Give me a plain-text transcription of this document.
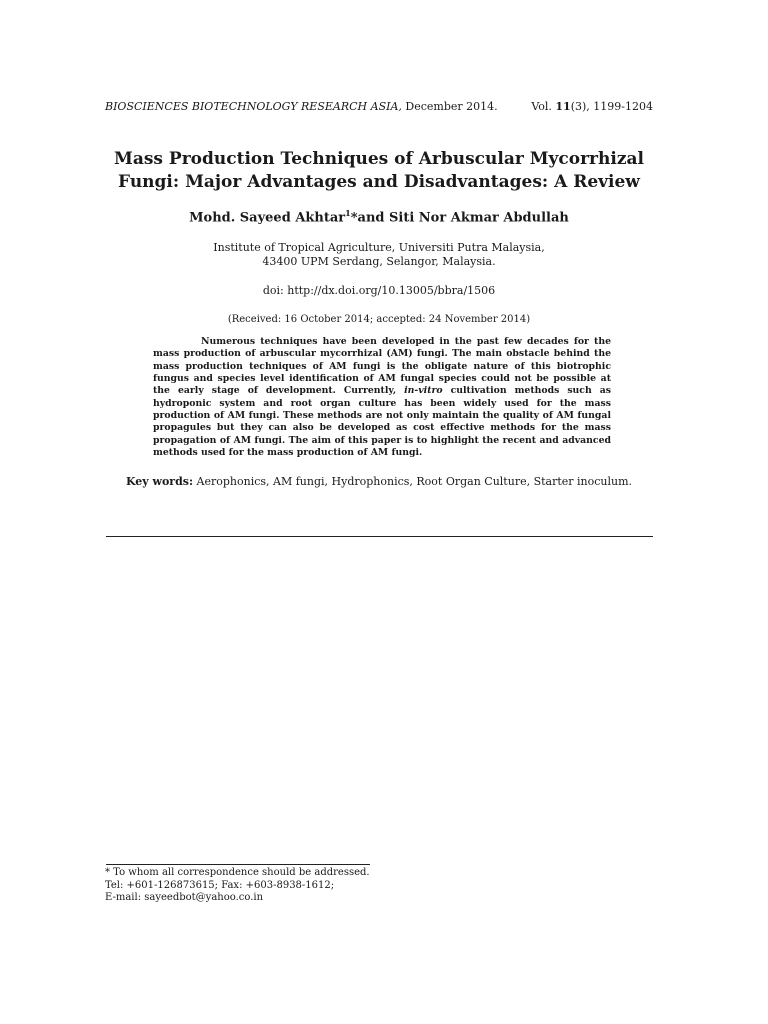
BIOSCIENCES BIOTECHNOLOGY RESEARCH ASIA, December 2014.	Vol. 11(3), 1199-1204
Mass Production Techniques of Arbuscular Mycorrhizal
Fungi: Major Advantages and Disadvantages: A Review
Mohd. Sayeed Akhtar$^1$*and Siti Nor Akmar Abdullah
Institute of Tropical Agriculture, Universiti Putra Malaysia,
43400 UPM Serdang, Selangor, Malaysia.
doi: http://dx.doi.org/10.13005/bbra/1506
(Received: 16 October 2014; accepted: 24 November 2014)

Numerous techniques have been developed in the past few decades for the mass production of arbuscular mycorrhizal (AM) fungi. The main obstacle behind the mass production techniques of AM fungi is the obligate nature of this biotrophic fungus and species level identification of AM fungal species could not be possible at the early stage of development. Currently, in-vitro cultivation methods such as hydroponic system and root organ culture has been widely used for the mass production of AM fungi. These methods are not only maintain the quality of AM fungal propagules but they can also be developed as cost effective methods for the mass propagation of AM fungi. The aim of this paper is to highlight the recent and advanced methods used for the mass production of AM fungi.

Key words: Aerophonics, AM fungi, Hydrophonics, Root Organ Culture, Starter inoculum.
* To whom all correspondence should be addressed.
Tel: +601-126873615; Fax: +603-8938-1612;
E-mail: sayeedbot@yahoo.co.in
